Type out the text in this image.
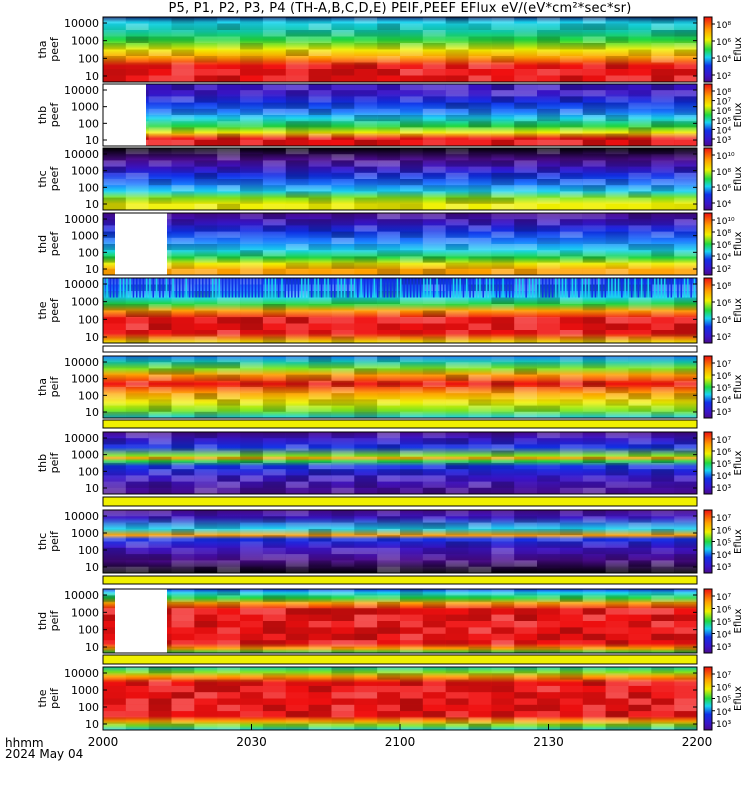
P5, P1, P2, P3, P4 (TH-A,B,C,D,E) PEIF,PEEF EFlux eV/(eV*cm²*sec*sr)
10000
1000
100
10
tha peef
10⁸
10⁶
10⁴
10²
Eflux
10000
1000
100
10
thb peef
10⁸
10⁷
10⁶
10⁵
10⁴
10³
Eflux
10000
1000
100
10
thc peef
10¹⁰
10⁸
10⁶
10⁴
Eflux
10000
1000
100
10
thd peef
10¹⁰
10⁸
10⁶
10⁴
10²
Eflux
10000
1000
100
10
the peef
10⁸
10⁶
10⁴
10²
Eflux
10000
1000
100
10
tha peif
10⁷
10⁶
10⁵
10⁴
10³
Eflux
10000
1000
100
10
thb peif
10⁷
10⁶
10⁵
10⁴
10³
Eflux
10000
1000
100
10
thc peif
10⁷
10⁶
10⁵
10⁴
10³
Eflux
10000
1000
100
10
thd peif
10⁷
10⁶
10⁵
10⁴
10³
Eflux
10000
1000
100
10
the peif
10⁷
10⁶
10⁵
10⁴
10³
Eflux
2000	2030	2100	2130	2200
hhmm
2024 May 04
